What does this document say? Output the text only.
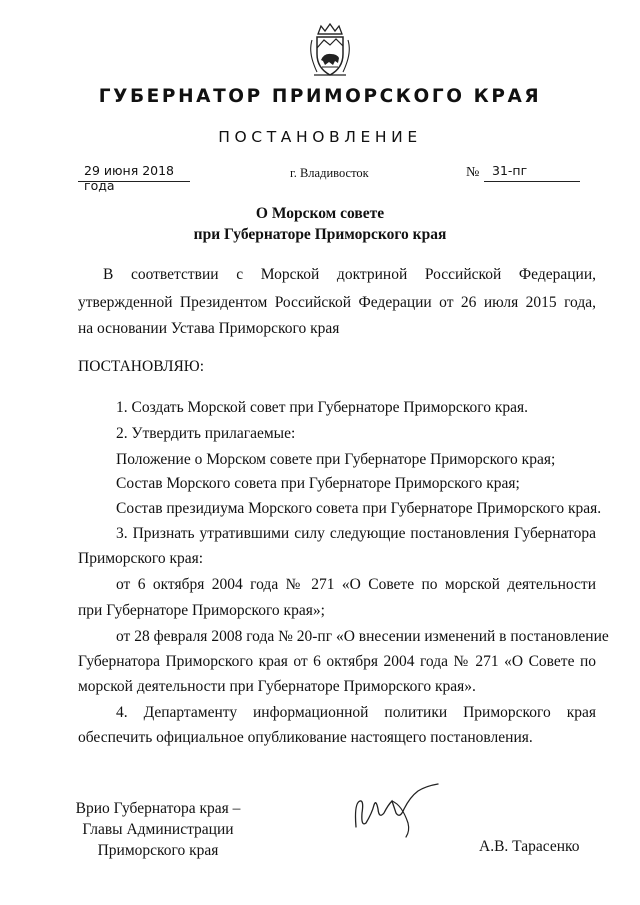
ГУБЕРНАТОР ПРИМОРСКОГО КРАЯ
ПОСТАНОВЛЕНИЕ
29 июня 2018 года
г. Владивосток	№ 31-пг
О Морском совете
при Губернаторе Приморского края
В соответствии с Морской доктриной Российской Федерации,
утвержденной Президентом Российской Федерации от 26 июля 2015 года,
на основании Устава Приморского края
ПОСТАНОВЛЯЮ:
1. Создать Морской совет при Губернаторе Приморского края.
2. Утвердить прилагаемые:
Положение о Морском совете при Губернаторе Приморского края;
Состав Морского совета при Губернаторе Приморского края;
Состав президиума Морского совета при Губернаторе Приморского края.
3. Признать утратившими силу следующие постановления Губернатора
Приморского края:
от 6 октября 2004 года № 271 «О Совете по морской деятельности
при Губернаторе Приморского края»;
от 28 февраля 2008 года № 20-пг «О внесении изменений в постановление
Губернатора Приморского края от 6 октября 2004 года № 271 «О Совете по
морской деятельности при Губернаторе Приморского края».
4. Департаменту информационной политики Приморского края
обеспечить официальное опубликование настоящего постановления.
Врио Губернатора края –
Главы Администрации
Приморского края	А.В. Тарасенко
